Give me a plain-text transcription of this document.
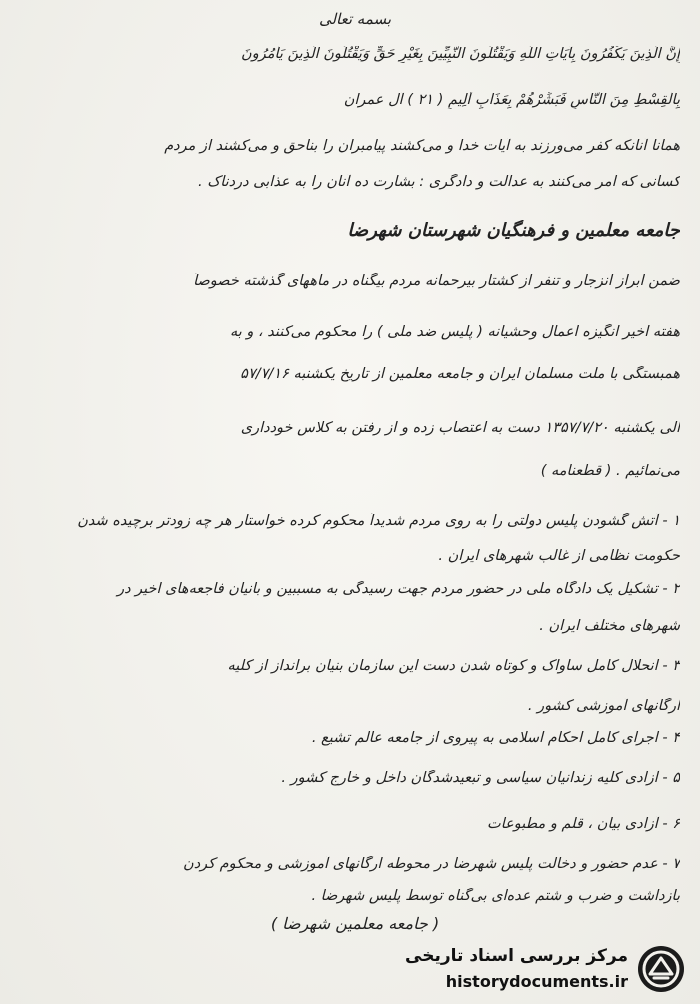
بسمه تعالی
إِنَّ الَّذِينَ يَكْفُرُونَ بِآيَاتِ اللَّهِ وَيَقْتُلُونَ النَّبِيِّينَ بِغَيْرِ حَقٍّ وَيَقْتُلُونَ الَّذِينَ يَأْمُرُونَ
بِالْقِسْطِ مِنَ النَّاسِ فَبَشِّرْهُمْ بِعَذَابٍ أَلِيمٍ ( ۲۱ ) آل عمران
همانا آنانکه کفر می‌ورزند به آیات خدا و می‌کشند پیامبران را بناحق و می‌کشند از مردم
کسانی که امر می‌کنند به عدالت و دادگری : بشارت ده آنان را به عذابی دردناک .
جامعه معلمین و فرهنگیان شهرستان شهرضا
ضمن ابراز انزجار و تنفر از کشتار بیرحمانه مردم بیگناه در ماههای گذشته خصوصاً
هفته اخیر انگیزه اعمال وحشیانه ( پلیس ضد ملی ) را محکوم می‌کنند ، و به
همبستگی با ملت مسلمان ایران و جامعه معلمین از تاریخ یکشنبه ۵۷/۷/۱۶
الی یکشنبه ۱۳۵۷/۷/۲۰ دست به اعتصاب زده و از رفتن به کلاس خودداری
می‌نمائیم . ( قطعنامه )
۱ - آتش گشودن پلیس دولتی را به روی مردم شدیداً محکوم کرده خواستار هر چه زودتر برچیده شدن
حکومت نظامی از غالب شهرهای ایران .
۲ - تشکیل یک دادگاه ملی در حضور مردم جهت رسیدگی به مسببین و بانیان فاجعه‌های اخیر در
شهرهای مختلف ایران .
۳ - انحلال کامل ساواک و کوتاه شدن دست این سازمان بنیان برانداز از کلیه
ارگانهای آموزشی کشور .
۴ - اجرای کامل احکام اسلامی به پیروی از جامعه عالم تشیع .
۵ - آزادی کلیه زندانیان سیاسی و تبعیدشدگان داخل و خارج کشور .
۶ - آزادی بیان ، قلم و مطبوعات
۷ - عدم حضور و دخالت پلیس شهرضا در محوطه ارگانهای آموزشی و محکوم کردن
بازداشت و ضرب و شتم عده‌ای بی‌گناه توسط پلیس شهرضا .
( جامعه معلمین شهرضا )
مرکز بررسی اسناد تاریخی
historydocuments.ir
